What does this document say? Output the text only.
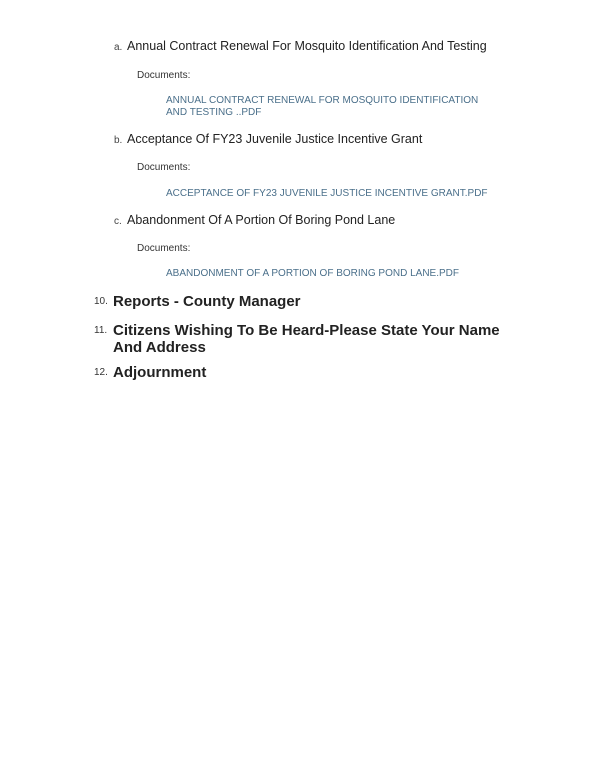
a. Annual Contract Renewal For Mosquito Identification And Testing
Documents:
ANNUAL CONTRACT RENEWAL FOR MOSQUITO IDENTIFICATION AND TESTING ..PDF
b. Acceptance Of FY23 Juvenile Justice Incentive Grant
Documents:
ACCEPTANCE OF FY23 JUVENILE JUSTICE INCENTIVE GRANT.PDF
c. Abandonment Of A Portion Of Boring Pond Lane
Documents:
ABANDONMENT OF A PORTION OF BORING POND LANE.PDF
10. Reports - County Manager
11. Citizens Wishing To Be Heard-Please State Your Name And Address
12. Adjournment
